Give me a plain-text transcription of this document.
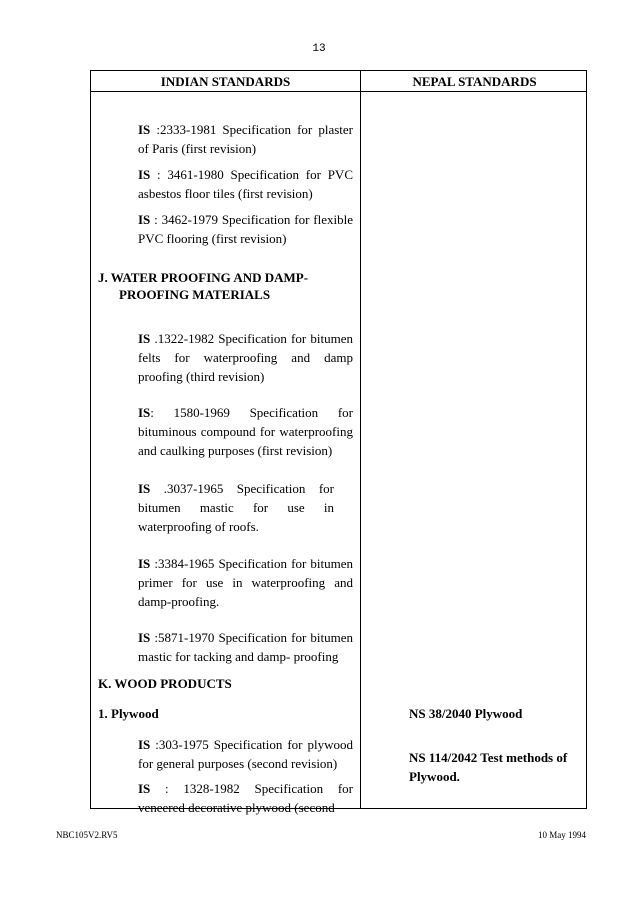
13
INDIAN STANDARDS	NEPAL STANDARDS
IS :2333-1981 Specification for plaster of Paris (first revision)
IS : 3461-1980 Specification for PVC asbestos floor tiles (first revision)
IS : 3462-1979 Specification for flexible PVC flooring (first revision)
J. WATER PROOFING AND DAMP-
PROOFING MATERIALS
IS .1322-1982 Specification for bitumen felts for waterproofing and damp proofing (third revision)
IS: 1580-1969 Specification for bituminous compound for waterproofing and caulking purposes (first revision)
IS .3037-1965 Specification for bitumen mastic for use in waterproofing of roofs.
IS :3384-1965 Specification for bitumen primer for use in waterproofing and damp-proofing.
IS :5871-1970 Specification for bitumen mastic for tacking and damp- proofing
K. WOOD PRODUCTS
1. Plywood
IS :303-1975 Specification for plywood for general purposes (second revision)
IS : 1328-1982 Specification for veneered decorative plywood (second
NS 38/2040 Plywood
NS 114/2042 Test methods of Plywood.
NBC105V2.RV5	10 May 1994
